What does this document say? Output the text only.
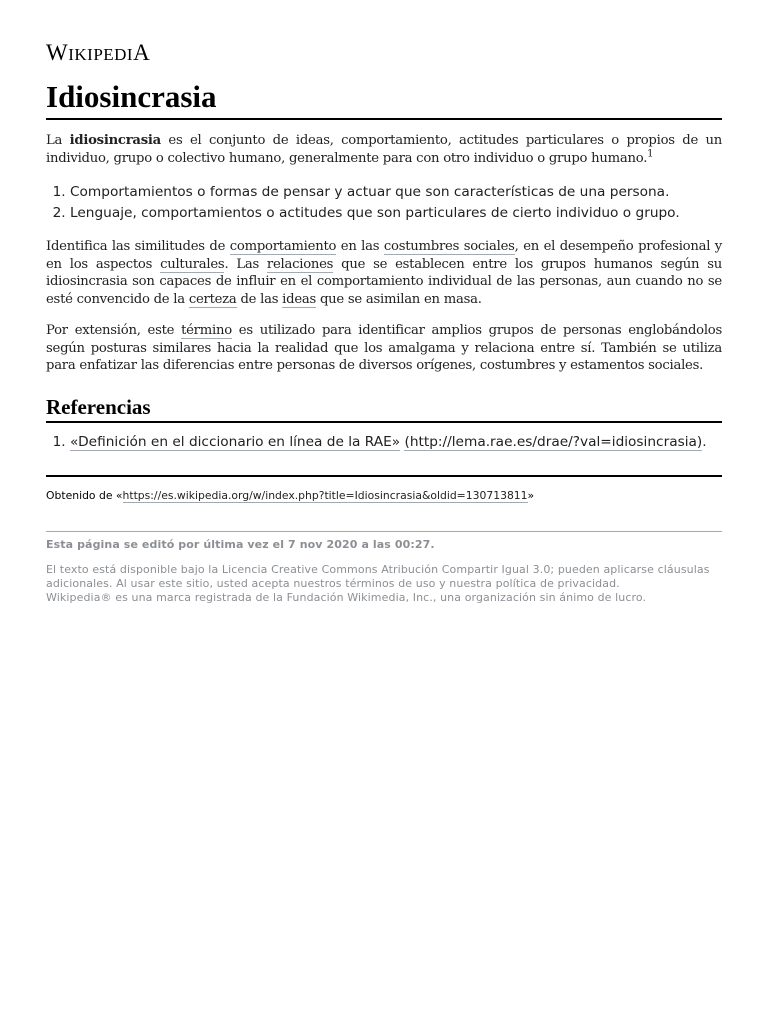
WIKIPEDIA
Idiosincrasia

La idiosincrasia es el conjunto de ideas, comportamiento, actitudes particulares o propios de un individuo, grupo o colectivo humano, generalmente para con otro individuo o grupo humano.$^1$

1. Comportamientos o formas de pensar y actuar que son características de una persona.
2. Lenguaje, comportamientos o actitudes que son particulares de cierto individuo o grupo.

Identifica las similitudes de comportamiento en las costumbres sociales, en el desempeño profesional y en los aspectos culturales. Las relaciones que se establecen entre los grupos humanos según su idiosincrasia son capaces de influir en el comportamiento individual de las personas, aun cuando no se esté convencido de la certeza de las ideas que se asimilan en masa.

Por extensión, este término es utilizado para identificar amplios grupos de personas englobándolos según posturas similares hacia la realidad que los amalgama y relaciona entre sí. También se utiliza para enfatizar las diferencias entre personas de diversos orígenes, costumbres y estamentos sociales.

Referencias
1. «Definición en el diccionario en línea de la RAE» (http://lema.rae.es/drae/?val=idiosincrasia).
Obtenido de «https://es.wikipedia.org/w/index.php?title=Idiosincrasia&oldid=130713811»
Esta página se editó por última vez el 7 nov 2020 a las 00:27.
El texto está disponible bajo la Licencia Creative Commons Atribución Compartir Igual 3.0; pueden aplicarse cláusulas
adicionales. Al usar este sitio, usted acepta nuestros términos de uso y nuestra política de privacidad.
Wikipedia® es una marca registrada de la Fundación Wikimedia, Inc., una organización sin ánimo de lucro.
